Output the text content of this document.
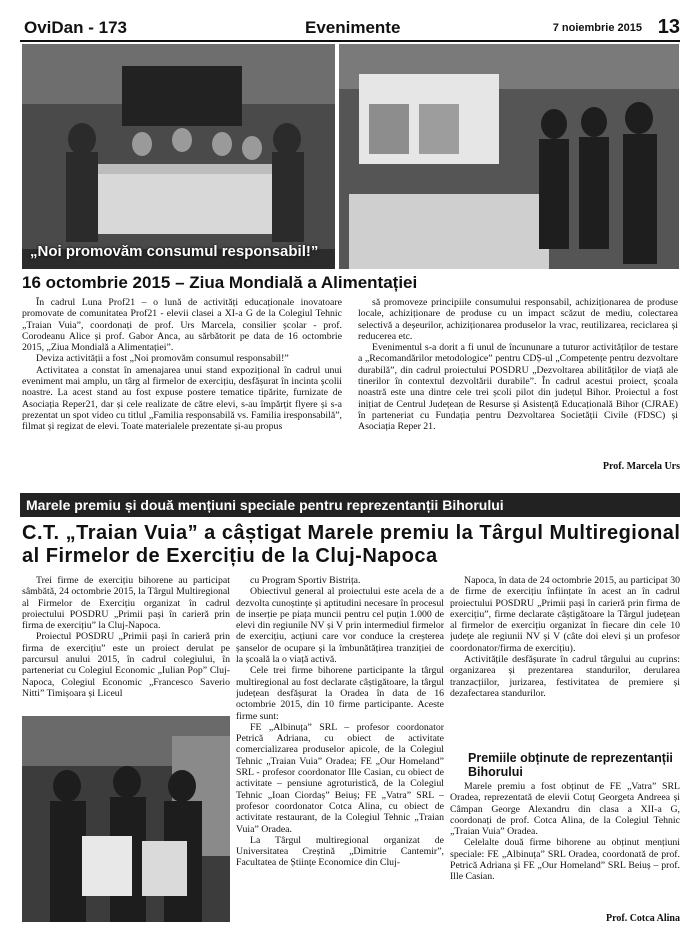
OviDan - 173	Evenimente	7 noiembrie 2015 13
„Noi promovăm consumul responsabil!”
16 octombrie 2015 – Ziua Mondială a Alimentației

În cadrul Luna Prof21 – o lună de activități educaționale inovatoare promovate de comunitatea Prof21 - elevii clasei a XI-a G de la Colegiul Tehnic „Traian Vuia”, coordonați de prof. Urs Marcela, consilier școlar - prof. Corodeanu Alice și prof. Gabor Anca, au sărbătorit pe data de 16 octombrie 2015, „Ziua Mondială a Alimentației”.

Deviza activității a fost „Noi promovăm consumul responsabil!”

Activitatea a constat în amenajarea unui stand expozițional în cadrul unui eveniment mai amplu, un târg al firmelor de exercițiu, desfășurat în incinta școlii noastre. La acest stand au fost expuse postere tematice tipărite, furnizate de Asociația Reper21, dar și cele realizate de către elevi, s-au împărțit flyere și s-a prezentat un spot video cu titlul „Familia responsabilă vs. Familia iresponsabilă”, filmat și regizat de elevi. Toate materialele prezentate și-au propus

să promoveze principiile consumului responsabil, achiziționarea de produse locale, achiziționare de produse cu un impact scăzut de mediu, colectarea selectivă a deșeurilor, achiziționarea produselor la vrac, reutilizarea, reciclarea și reducerea etc.

Evenimentul s-a dorit a fi unul de încununare a tuturor activităților de testare a „Recomandărilor metodologice” pentru CDȘ-ul „Competențe pentru dezvoltare durabilă”, din cadrul proiectului POSDRU „Dezvoltarea abilităților de viață ale tinerilor în contextul dezvoltării durabile”. În cadrul acestui proiect, școala noastră este una dintre cele trei școli pilot din județul Bihor. Proiectul a fost inițiat de Centrul Județean de Resurse și Asistență Educațională Bihor (CJRAE) în parteneriat cu Fundația pentru Dezvoltarea Societății Civile (FDSC) și Asociația Reper 21.

Prof. Marcela Urs
Marele premiu și două mențiuni speciale pentru reprezentanții Bihorului
C.T. „Traian Vuia” a câștigat Marele premiu la Târgul Multiregional al Firmelor de Exercițiu de la Cluj-Napoca

Trei firme de exercițiu bihorene au participat sâmbătă, 24 octombrie 2015, la Târgul Multiregional al Firmelor de Exercițiu organizat în cadrul proiectului POSDRU „Primii pași în carieră prin firma de exercițiu” la Cluj-Napoca.

Proiectul POSDRU „Primii pași în carieră prin firma de exercițiu” este un proiect derulat pe parcursul anului 2015, în cadrul colegiului, în parteneriat cu Colegiul Economic „Iulian Pop” Cluj-Napoca, Colegiul Economic „Francesco Saverio Nitti” Timișoara și Liceul

cu Program Sportiv Bistrița.

Obiectivul general al proiectului este acela de a dezvolta cunoștințe și aptitudini necesare în procesul de inserție pe piața muncii pentru cel puțin 1.000 de elevi din regiunile NV și V prin intermediul firmelor de exercițiu, acțiuni care vor conduce la creșterea șanselor de ocupare și la îmbunătățirea tranziției de la școală la o viață activă.

Cele trei firme bihorene participante la târgul multiregional au fost declarate câștigătoare, la târgul județean desfășurat la Oradea în data de 16 octombrie 2015, din 10 firme participante. Aceste firme sunt:

FE „Albinuța” SRL – profesor coordonator Petrică Adriana, cu obiect de activitate comercializarea produselor apicole, de la Colegiul Tehnic „Traian Vuia” Oradea; FE „Our Homeland” SRL - profesor coordonator Ille Casian, cu obiect de activitate – pensiune agroturistică, de la Colegiul Tehnic „Ioan Ciordaș” Beiuș; FE „Vatra” SRL – profesor coordonator Cotca Alina, cu obiect de activitate restaurant, de la Colegiul Tehnic „Traian Vuia” Oradea.

La Târgul multiregional organizat de Universitatea Creștină „Dimitrie Cantemir”, Facultatea de Științe Economice din Cluj-

Napoca, în data de 24 octombrie 2015, au participat 30 de firme de exercițiu înființate în acest an în cadrul proiectului POSDRU „Primii pași în carieră prin firma de exercițiu”, firme declarate câștigătoare la Târgul județean al firmelor de exercițiu organizat în fiecare din cele 10 județe ale regiunii NV și V (câte doi elevi și un profesor coordonator/firma de exercițiu).

Activitățile desfășurate în cadrul târgului au cuprins: organizarea și prezentarea standurilor, derularea tranzacțiilor, jurizarea, festivitatea de premiere și dezafectarea standurilor.

Premiile obținute de reprezentanții Bihorului

Marele premiu a fost obținut de FE „Vatra” SRL Oradea, reprezentată de elevii Cotuț Georgeta Andreea și Câmpan George Alexandru din clasa a XII-a G, coordonați de prof. Cotca Alina, de la Colegiul Tehnic „Traian Vuia” Oradea.

Celelalte două firme bihorene au obținut mențiuni speciale: FE „Albinuța” SRL Oradea, coordonată de prof. Petrică Adriana și FE „Our Homeland” SRL Beiuș – prof. Ille Casian.

Prof. Cotca Alina
